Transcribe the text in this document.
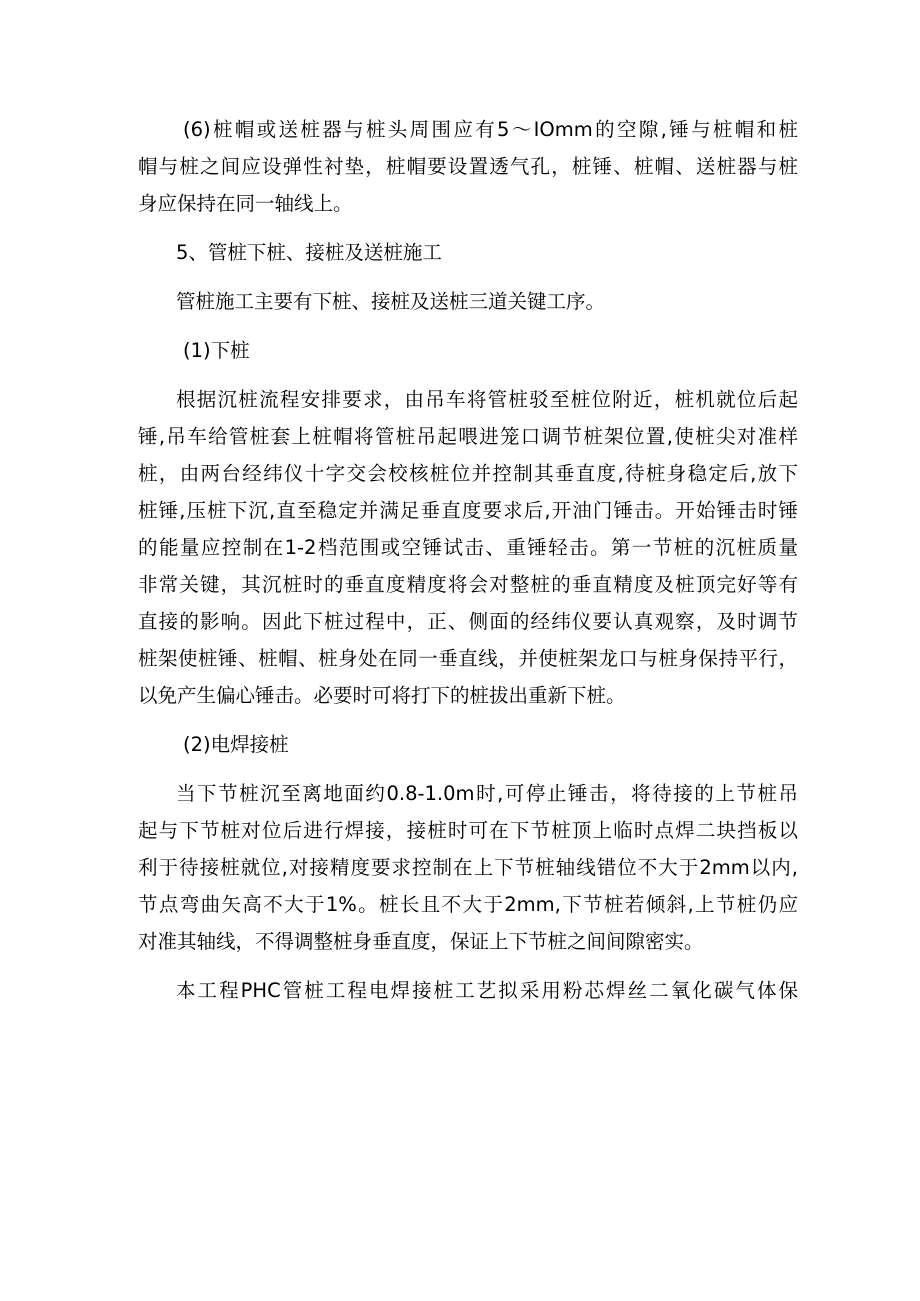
(6)桩帽或送桩器与桩头周围应有5～IOmm的空隙,锤与桩帽和桩
帽与桩之间应设弹性衬垫，桩帽要设置透气孔，桩锤、桩帽、送桩器与桩
身应保持在同一轴线上。
5、管桩下桩、接桩及送桩施工
管桩施工主要有下桩、接桩及送桩三道关键工序。
(1)下桩
根据沉桩流程安排要求，由吊车将管桩驳至桩位附近，桩机就位后起
锤,吊车给管桩套上桩帽将管桩吊起喂进笼口调节桩架位置,使桩尖对准样
桩，由两台经纬仪十字交会校核桩位并控制其垂直度,待桩身稳定后,放下
桩锤,压桩下沉,直至稳定并满足垂直度要求后,开油门锤击。开始锤击时锤
的能量应控制在1-2档范围或空锤试击、重锤轻击。第一节桩的沉桩质量
非常关键，其沉桩时的垂直度精度将会对整桩的垂直精度及桩顶完好等有
直接的影响。因此下桩过程中，正、侧面的经纬仪要认真观察，及时调节
桩架使桩锤、桩帽、桩身处在同一垂直线，并使桩架龙口与桩身保持平行，
以免产生偏心锤击。必要时可将打下的桩拔出重新下桩。
(2)电焊接桩
当下节桩沉至离地面约0.8-1.0m时,可停止锤击，将待接的上节桩吊
起与下节桩对位后进行焊接，接桩时可在下节桩顶上临时点焊二块挡板以
利于待接桩就位,对接精度要求控制在上下节桩轴线错位不大于2mm以内,
节点弯曲矢高不大于1%。桩长且不大于2mm,下节桩若倾斜,上节桩仍应
对准其轴线，不得调整桩身垂直度，保证上下节桩之间间隙密实。
本工程PHC管桩工程电焊接桩工艺拟采用粉芯焊丝二氧化碳气体保
